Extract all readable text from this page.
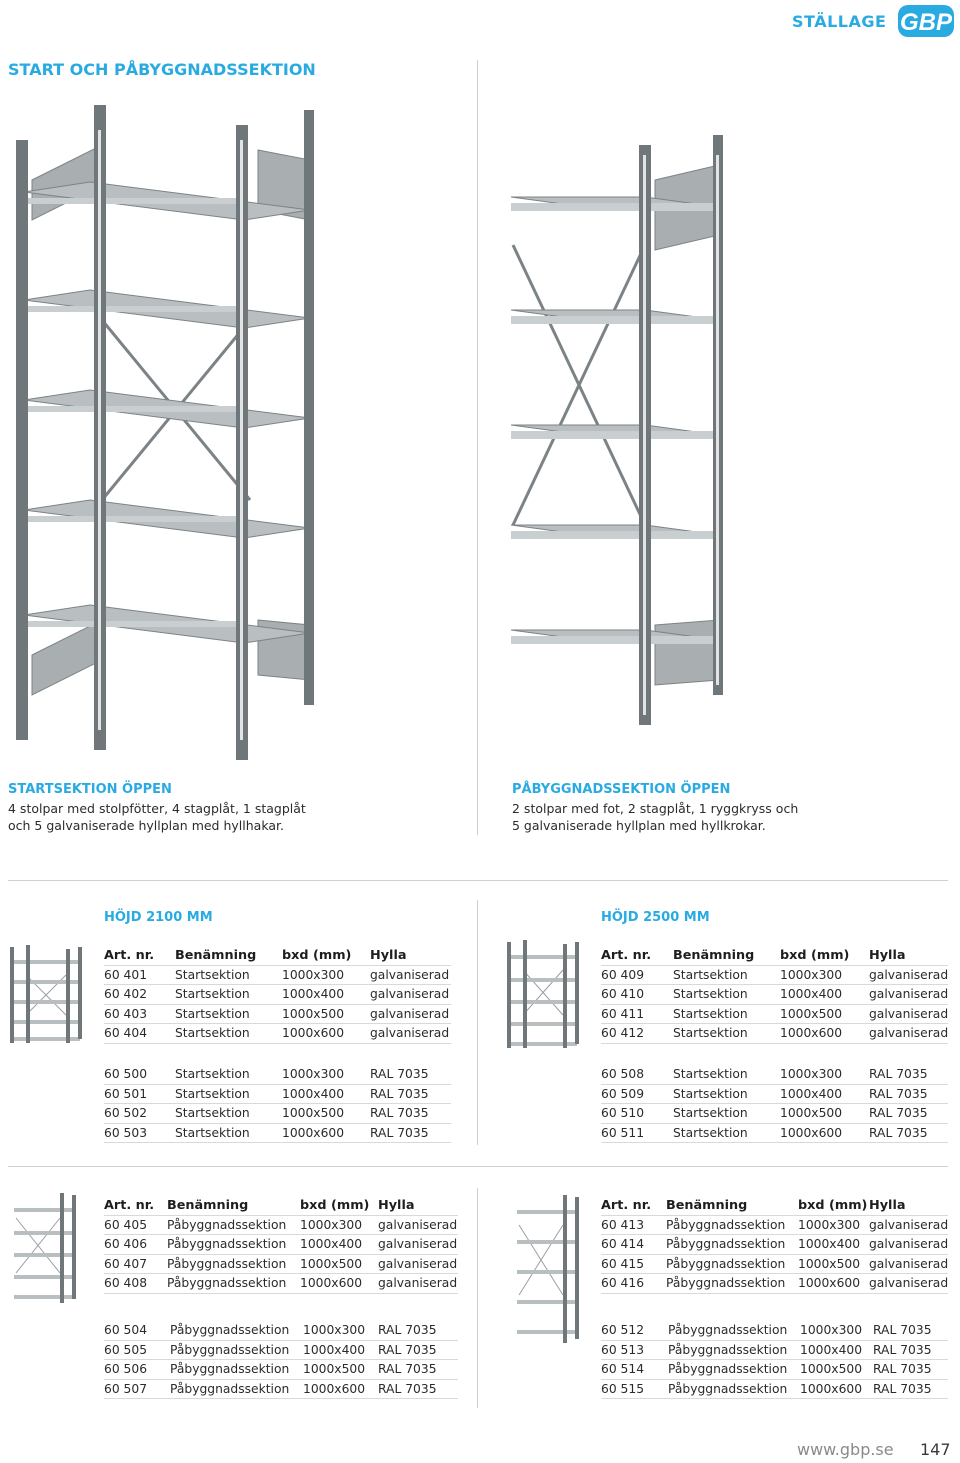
STÄLLAGE GBP
START OCH PÅBYGGNADSSEKTION
STARTSEKTION ÖPPEN
4 stolpar med stolpfötter, 4 stagplåt, 1 stagplåt
och 5 galvaniserade hyllplan med hyllhakar.
PÅBYGGNADSSEKTION ÖPPEN
2 stolpar med fot, 2 stagplåt, 1 ryggkryss och
5 galvaniserade hyllplan med hyllkrokar.
HÖJD 2100 MM	HÖJD 2500 MM
Art. nr. Benämning bxd (mm) Hylla
60 401 Startsektion	1000x300 galvaniserad
60 402 Startsektion	1000x400 galvaniserad
60 403 Startsektion	1000x500 galvaniserad
60 404 Startsektion	1000x600 galvaniserad
60 500 Startsektion	1000x300 RAL 7035
60 501 Startsektion	1000x400 RAL 7035
60 502 Startsektion	1000x500 RAL 7035
60 503 Startsektion	1000x600 RAL 7035
Art. nr. Benämning bxd (mm) Hylla
60 409 Startsektion	1000x300 galvaniserad
60 410 Startsektion	1000x400 galvaniserad
60 411 Startsektion	1000x500 galvaniserad
60 412 Startsektion	1000x600 galvaniserad
60 508 Startsektion	1000x300 RAL 7035
60 509 Startsektion	1000x400 RAL 7035
60 510 Startsektion	1000x500 RAL 7035
60 511 Startsektion	1000x600 RAL 7035
Art. nr. Benämning	bxd (mm) Hylla
60 405 Påbyggnadssektion 1000x300 galvaniserad
60 406 Påbyggnadssektion 1000x400 galvaniserad
60 407 Påbyggnadssektion 1000x500 galvaniserad
60 408 Påbyggnadssektion 1000x600 galvaniserad
60 504 Påbyggnadssektion 1000x300 RAL 7035
60 505 Påbyggnadssektion 1000x400 RAL 7035
60 506 Påbyggnadssektion 1000x500 RAL 7035
60 507 Påbyggnadssektion 1000x600 RAL 7035
Art. nr. Benämning	bxd (mm) Hylla
60 413 Påbyggnadssektion 1000x300 galvaniserad
60 414 Påbyggnadssektion 1000x400 galvaniserad
60 415 Påbyggnadssektion 1000x500 galvaniserad
60 416 Påbyggnadssektion 1000x600 galvaniserad
60 512 Påbyggnadssektion 1000x300 RAL 7035
60 513 Påbyggnadssektion 1000x400 RAL 7035
60 514 Påbyggnadssektion 1000x500 RAL 7035
60 515 Påbyggnadssektion 1000x600 RAL 7035
www.gbp.se 147
